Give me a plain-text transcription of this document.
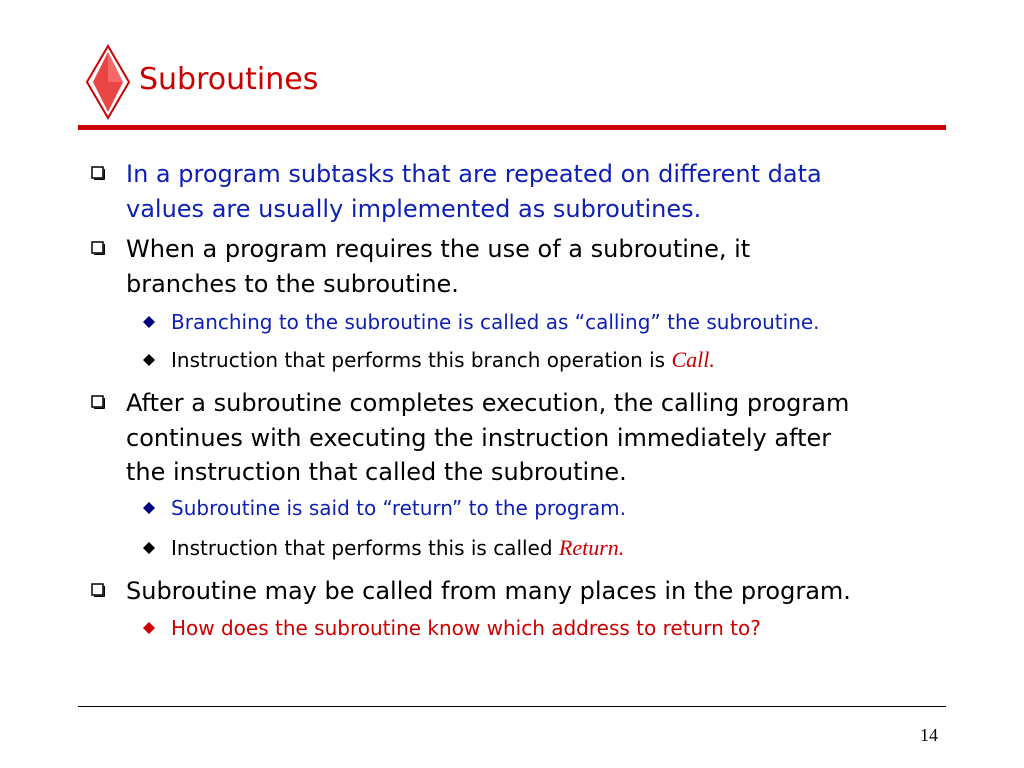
Subroutines
In a program subtasks that are repeated on different data
values are usually implemented as subroutines.
When a program requires the use of a subroutine, it
branches to the subroutine.
Branching to the subroutine is called as “calling” the subroutine.
Instruction that performs this branch operation is Call.
After a subroutine completes execution, the calling program
continues with executing the instruction immediately after
the instruction that called the subroutine.
Subroutine is said to “return” to the program.
Instruction that performs this is called Return.
Subroutine may be called from many places in the program.
How does the subroutine know which address to return to?
14
